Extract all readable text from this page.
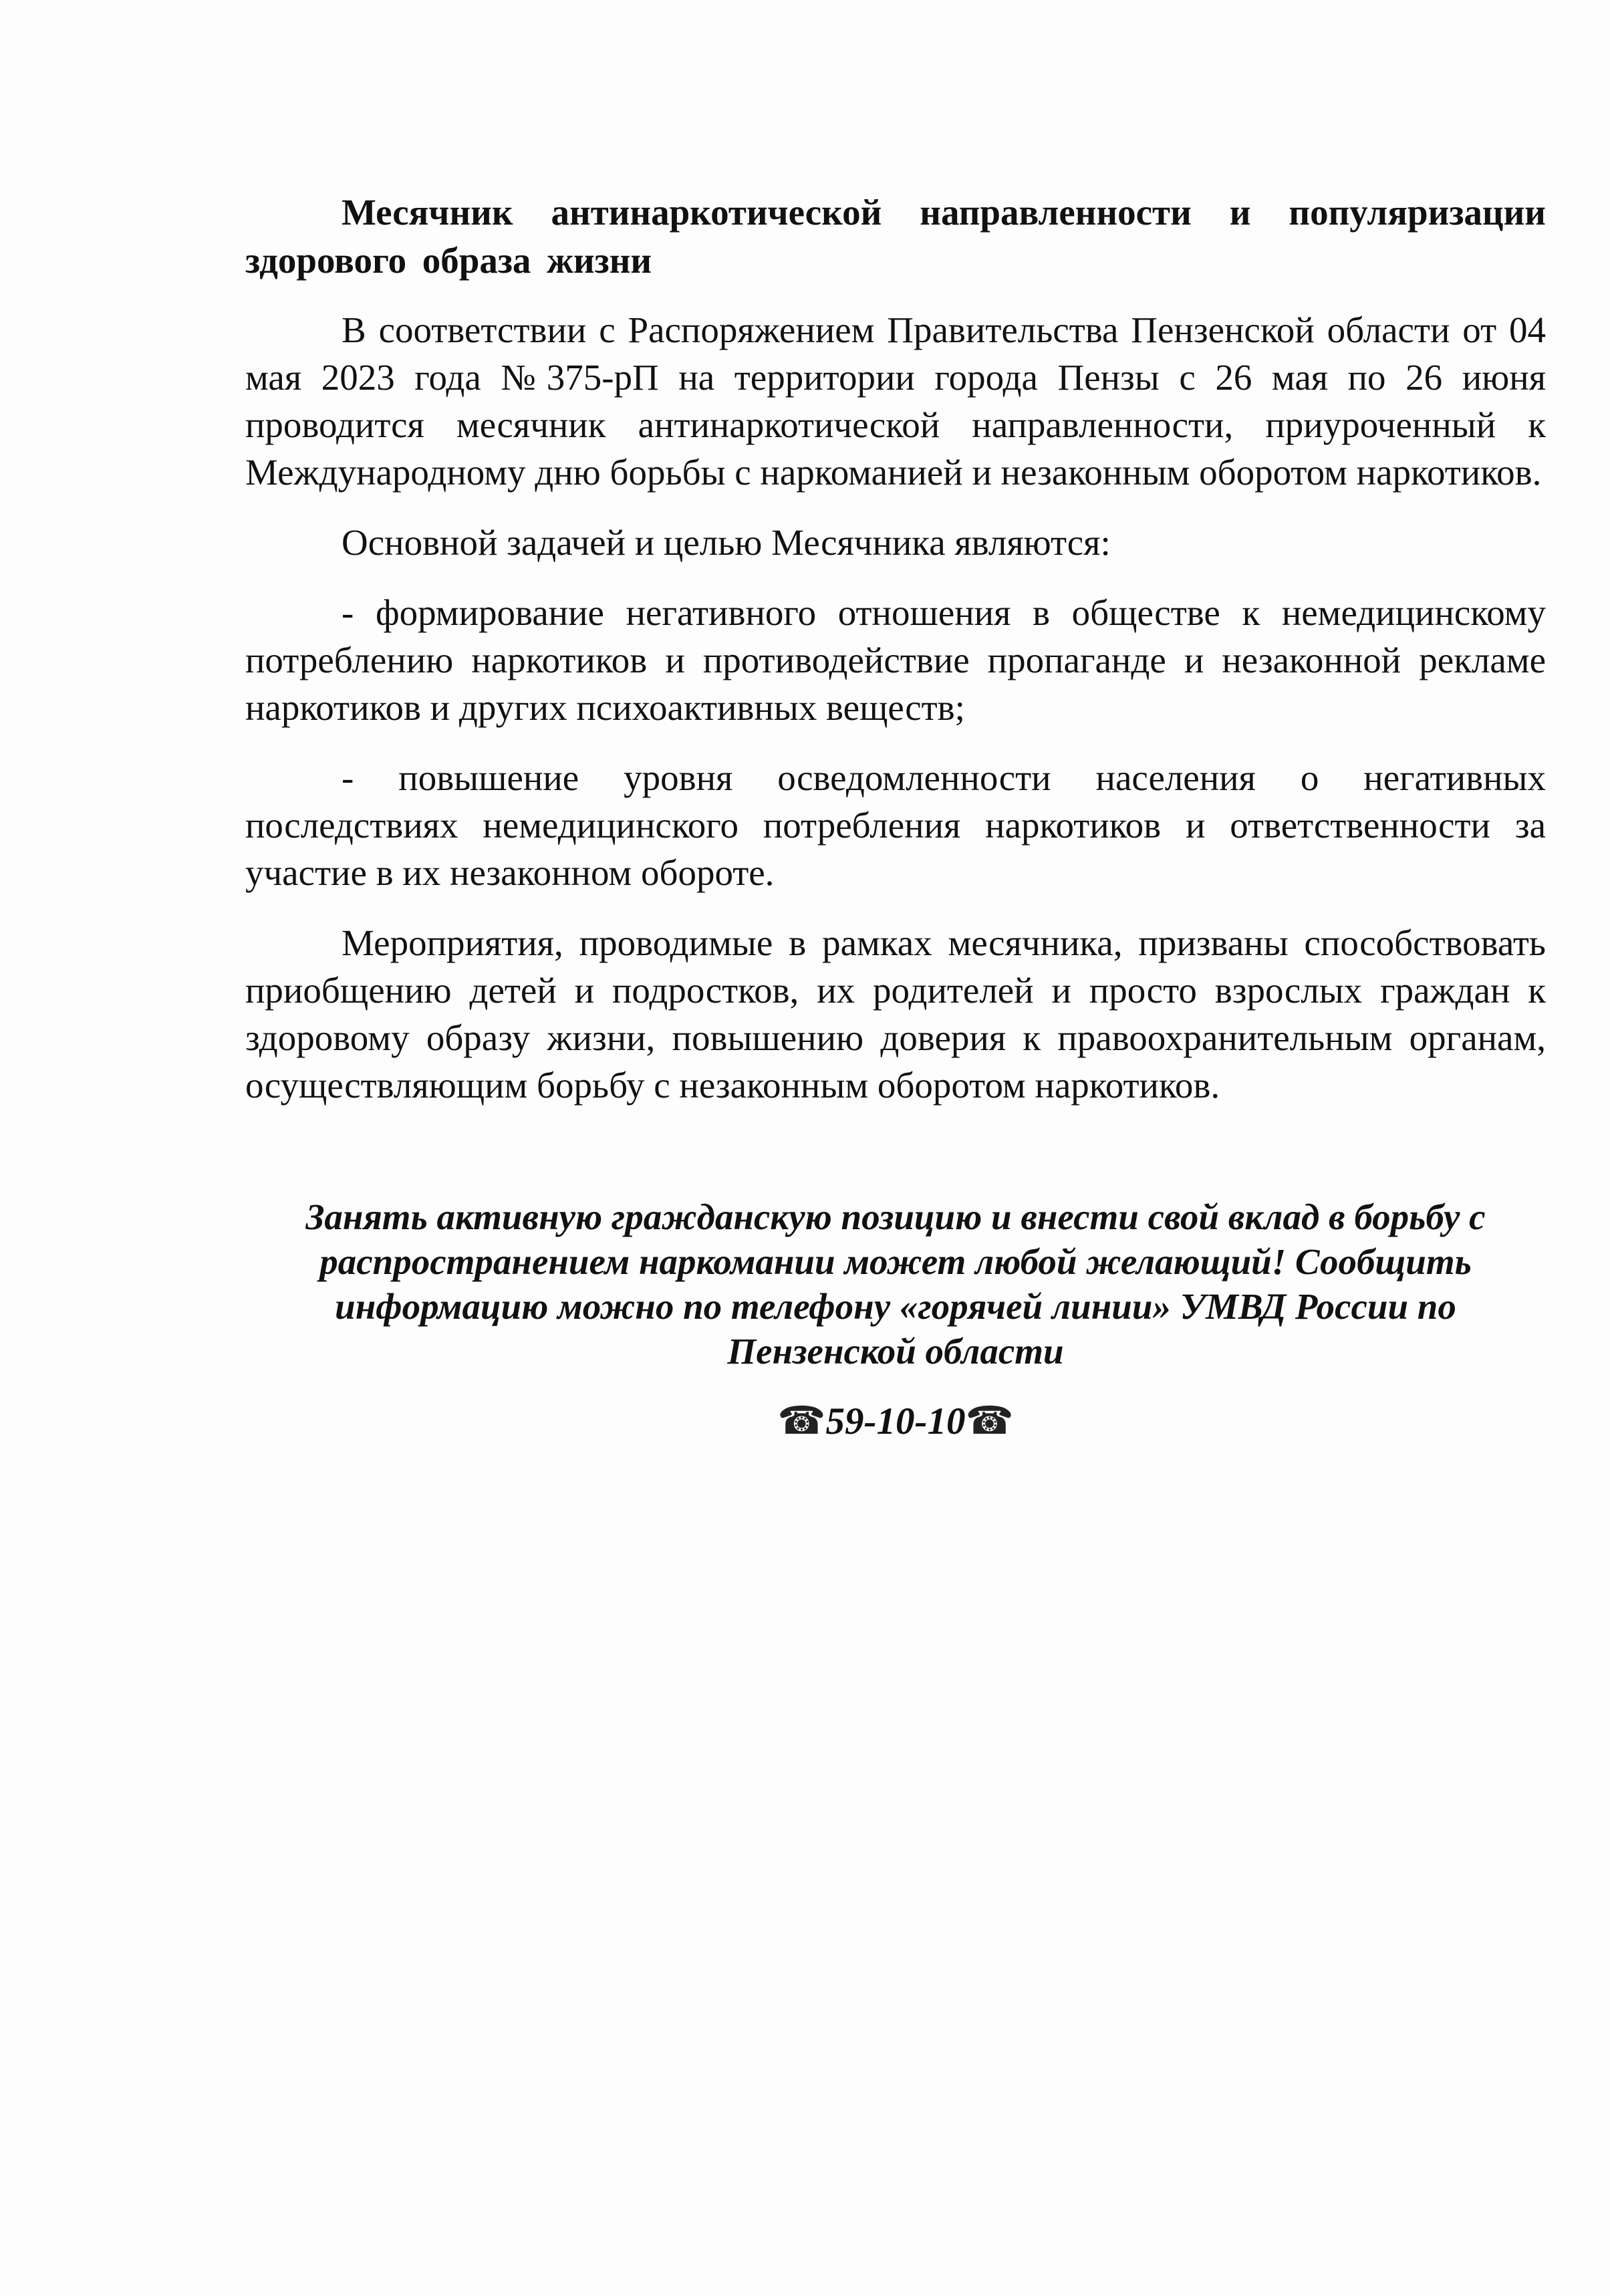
Месячник антинаркотической направленности и популяризации здорового образа жизни

В соответствии с Распоряжением Правительства Пензенской области от 04 мая 2023 года №375-рП на территории города Пензы с 26 мая по 26 июня проводится месячник антинаркотической направленности, приуроченный к Международному дню борьбы с наркоманией и незаконным оборотом наркотиков.

Основной задачей и целью Месячника являются:

- формирование негативного отношения в обществе к немедицинскому потреблению наркотиков и противодействие пропаганде и незаконной рекламе наркотиков и других психоактивных веществ;

- повышение уровня осведомленности населения о негативных последствиях немедицинского потребления наркотиков и ответственности за участие в их незаконном обороте.

Мероприятия, проводимые в рамках месячника, призваны способствовать приобщению детей и подростков, их родителей и просто взрослых граждан к здоровому образу жизни, повышению доверия к правоохранительным органам, осуществляющим борьбу с незаконным оборотом наркотиков.

Занять активную гражданскую позицию и внести свой вклад в борьбу с распространением наркомании может любой желающий! Сообщить информацию можно по телефону «горячей линии» УМВД России по Пензенской области

☎59-10-10☎
